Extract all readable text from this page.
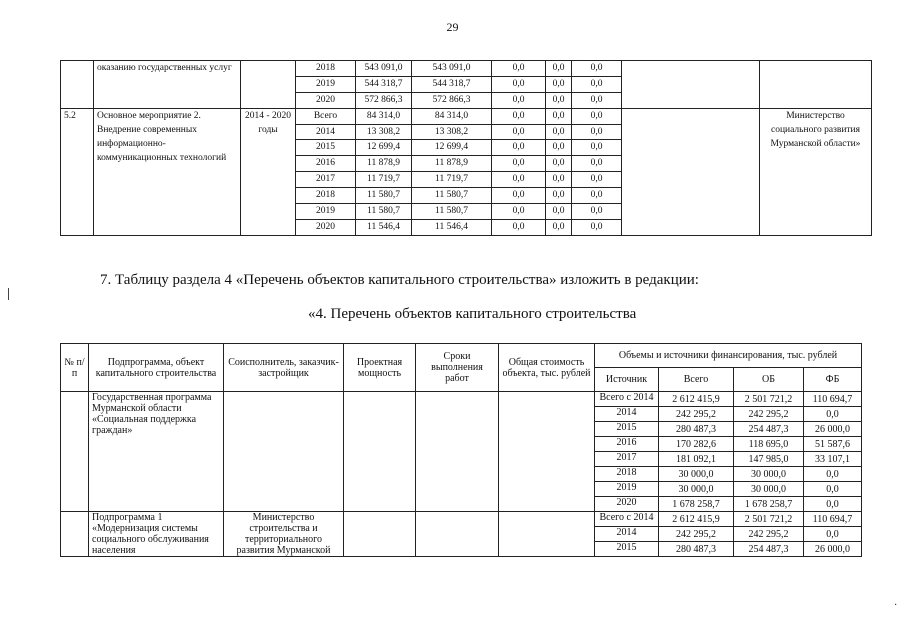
29
	оказанию государственных услуг		2018	543 091,0	543 091,0	0,0	0,0	0,0		
			2019	544 318,7	544 318,7	0,0	0,0	0,0		
			2020	572 866,3	572 866,3	0,0	0,0	0,0		
5.2	Основное мероприятие 2. Внедрение современных информационно-коммуникационных технологий	2014 - 2020 годы	Всего	84 314,0	84 314,0	0,0	0,0	0,0		Министерство социального развития Мурманской области»
			2014	13 308,2	13 308,2	0,0	0,0	0,0		
			2015	12 699,4	12 699,4	0,0	0,0	0,0		
			2016	11 878,9	11 878,9	0,0	0,0	0,0		
			2017	11 719,7	11 719,7	0,0	0,0	0,0		
			2018	11 580,7	11 580,7	0,0	0,0	0,0		
			2019	11 580,7	11 580,7	0,0	0,0	0,0		
			2020	11 546,4	11 546,4	0,0	0,0	0,0		
7. Таблицу раздела 4 «Перечень объектов капитального строительства» изложить в редакции:
«4. Перечень объектов капитального строительства
№ п/п	Подпрограмма, объект капитального строительства	Соисполнитель, заказчик-застройщик	Проектная мощность	Сроки выполнения работ	Общая стоимость объекта, тыс. рублей	Объемы и источники финансирования, тыс. рублей			
						Источник	Всего	ОБ	ФБ
	Государственная программа Мурманской области «Социальная поддержка граждан»					Всего с 2014	2 612 415,9	2 501 721,2	110 694,7
						2014	242 295,2	242 295,2	0,0
						2015	280 487,3	254 487,3	26 000,0
						2016	170 282,6	118 695,0	51 587,6
						2017	181 092,1	147 985,0	33 107,1
						2018	30 000,0	30 000,0	0,0
						2019	30 000,0	30 000,0	0,0
						2020	1 678 258,7	1 678 258,7	0,0
	Подпрограмма 1 «Модернизация системы социального обслуживания населения	Министерство строительства и территориального развития Мурманской				Всего с 2014	2 612 415,9	2 501 721,2	110 694,7
						2014	242 295,2	242 295,2	0,0
						2015	280 487,3	254 487,3	26 000,0
·
